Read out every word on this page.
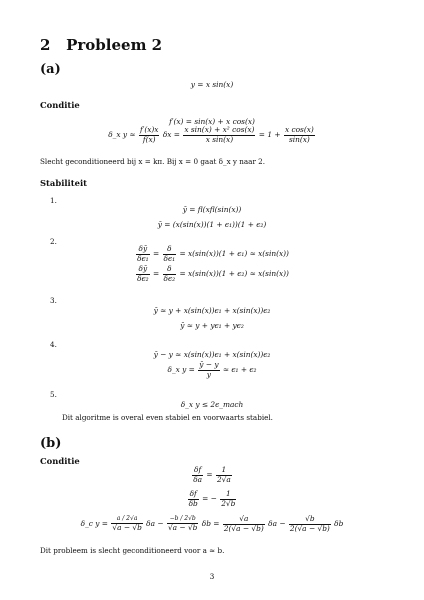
2 Probleem 2
(a)
y = x sin(x)
Conditie
f′(x) = sin(x) + x cos(x)
δ_x $y \approx \frac{f'(x)x}{f(x)}$ $\delta x = \frac{\text{x sin(x) + x² cos(x)}}{\text{x sin(x)}} = 1 + \frac{\text{x cos(x)}}{\sin(x)}$
Slecht geconditioneerd bij x = kπ. Bij x = 0 gaat δ_x y naar 2.
Stabiliteit
1.
ȳ = fl(xfl(sin(x))
ȳ = (x(sin(x))(1 + ϵ₁))(1 + ϵ₂)
2.
$\frac{\delta ȳ}{\text{δϵ₁}} = \frac{\delta}{\text{δϵ₁}} = x(\sin(x))(1 + \epsilon_1) \approx x(\sin(x))$
$\frac{\delta ȳ}{\text{δϵ₂}} = \frac{\delta}{\text{δϵ₂}} = x(\sin(x))(1 + \epsilon_2) \approx x(\sin(x))$
3.
ȳ ≈ y + x(sin(x))ϵ₁ + x(sin(x))ϵ₂
ȳ ≈ y + yϵ₁ + yϵ₂
4.
ȳ − y ≈ x(sin(x))ϵ₁ + x(sin(x))ϵ₂
δ_x $y = \frac{ȳ - y}{y} \approx \epsilon_1 + \epsilon_2$
5.
δ_x y ≤ 2ϵ_mach
Dit algoritme is overal even stabiel en voorwaarts stabiel.
(b)
Conditie
$\frac{\delta f}{\delta a} = \frac{1}{2√a}$
$\frac{\delta f}{\delta b}$ = − $\frac{1}{2√b}$
δ_c $y = \frac{a / 2√a}{√a - √b}$ $\delta a - \frac{-b / 2√b}{√a - √b}$ $\delta b = \frac{√a}{2(√a - √b)}$ $\delta a - \frac{√b}{2(√a - √b)}$ δb
Dit probleem is slecht geconditioneerd voor a ≈ b.
3
